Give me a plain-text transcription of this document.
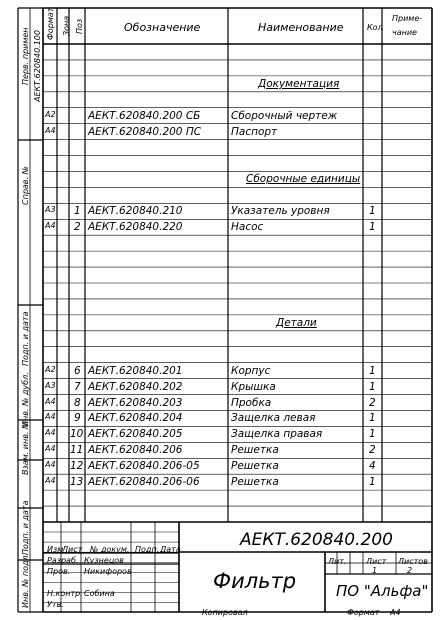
Формат Зона Поз	Обозначение	Наименование	Кол
Приме-
чание
Перв. примен АЕКТ.620840.100
Справ. №
Подп. и дата
Инв. № дубл.
Взам. инв. №
Подп. и дата
Инв. № подл.
Документация
А2	АЕКТ.620840.200 СБ	Сборочный чертеж
А4	АЕКТ.620840.200 ПС	Паспорт
Сборочные единицы
А3 1 АЕКТ.620840.210	Указатель уровня	1
А4 2 АЕКТ.620840.220	Насос	1
Детали
А2 6 АЕКТ.620840.201	Корпус	1
А3 7 АЕКТ.620840.202	Крышка	1
А4 8 АЕКТ.620840.203	Пробка	2
А4 9 АЕКТ.620840.204	Защелка левая	1
А4 10 АЕКТ.620840.205	Защелка правая	1
А4 11 АЕКТ.620840.206	Решетка	2
А4 12 АЕКТ.620840.206-05	Решетка	4
А4 13 АЕКТ.620840.206-06	Решетка	1
АЕКТ.620840.200
Фильтр	ПО "Альфа"
Изм
Лист № докум. Подп. Дата
Разраб. Кузнецов
Пров. Никифоров
Н.контр. Собина
Утв.
Лит. Лист Листов
1	2
Копировал	Формат А4
